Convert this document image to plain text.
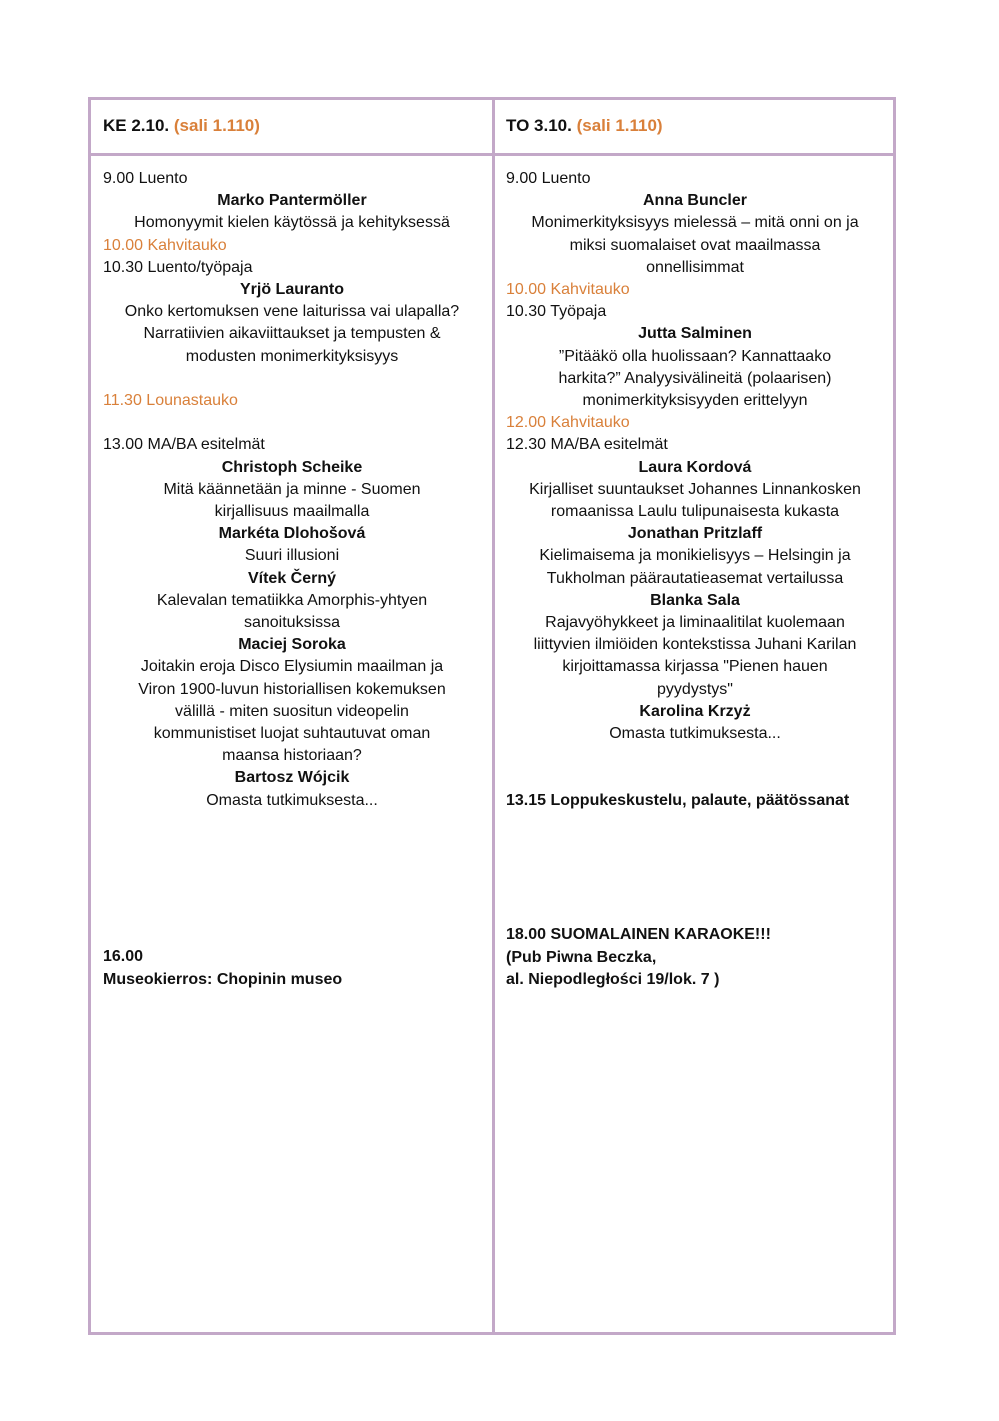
KE 2.10. (sali 1.110)	TO 3.10. (sali 1.110)
9.00 Luento
Marko Pantermöller
Homonyymit kielen käytössä ja kehityksessä
10.00 Kahvitauko
10.30 Luento/työpaja
Yrjö Lauranto
Onko kertomuksen vene laiturissa vai ulapalla?
Narratiivien aikaviittaukset ja tempusten &
modusten monimerkityksisyys
11.30 Lounastauko
13.00 MA/BA esitelmät
Christoph Scheike
Mitä käännetään ja minne - Suomen
kirjallisuus maailmalla
Markéta Dlohošová
Suuri illusioni
Vítek Černý
Kalevalan tematiikka Amorphis-yhtyen
sanoituksissa
Maciej Soroka
Joitakin eroja Disco Elysiumin maailman ja
Viron 1900-luvun historiallisen kokemuksen
välillä - miten suositun videopelin
kommunistiset luojat suhtautuvat oman
maansa historiaan?
Bartosz Wójcik
Omasta tutkimuksesta...
16.00
Museokierros: Chopinin museo
9.00 Luento
Anna Buncler
Monimerkityksisyys mielessä – mitä onni on ja
miksi suomalaiset ovat maailmassa
onnellisimmat
10.00 Kahvitauko
10.30 Työpaja
Jutta Salminen
”Pitääkö olla huolissaan? Kannattaako
harkita?” Analyysivälineitä (polaarisen)
monimerkityksisyyden erittelyyn
12.00 Kahvitauko
12.30 MA/BA esitelmät
Laura Kordová
Kirjalliset suuntaukset Johannes Linnankosken
romaanissa Laulu tulipunaisesta kukasta
Jonathan Pritzlaff
Kielimaisema ja monikielisyys – Helsingin ja
Tukholman päärautatieasemat vertailussa
Blanka Sala
Rajavyöhykkeet ja liminaalitilat kuolemaan
liittyvien ilmiöiden kontekstissa Juhani Karilan
kirjoittamassa kirjassa "Pienen hauen
pyydystys"
Karolina Krzyż
Omasta tutkimuksesta...
13.15 Loppukeskustelu, palaute, päätössanat
18.00 SUOMALAINEN KARAOKE!!!
(Pub Piwna Beczka,
al. Niepodległości 19/lok. 7 )
